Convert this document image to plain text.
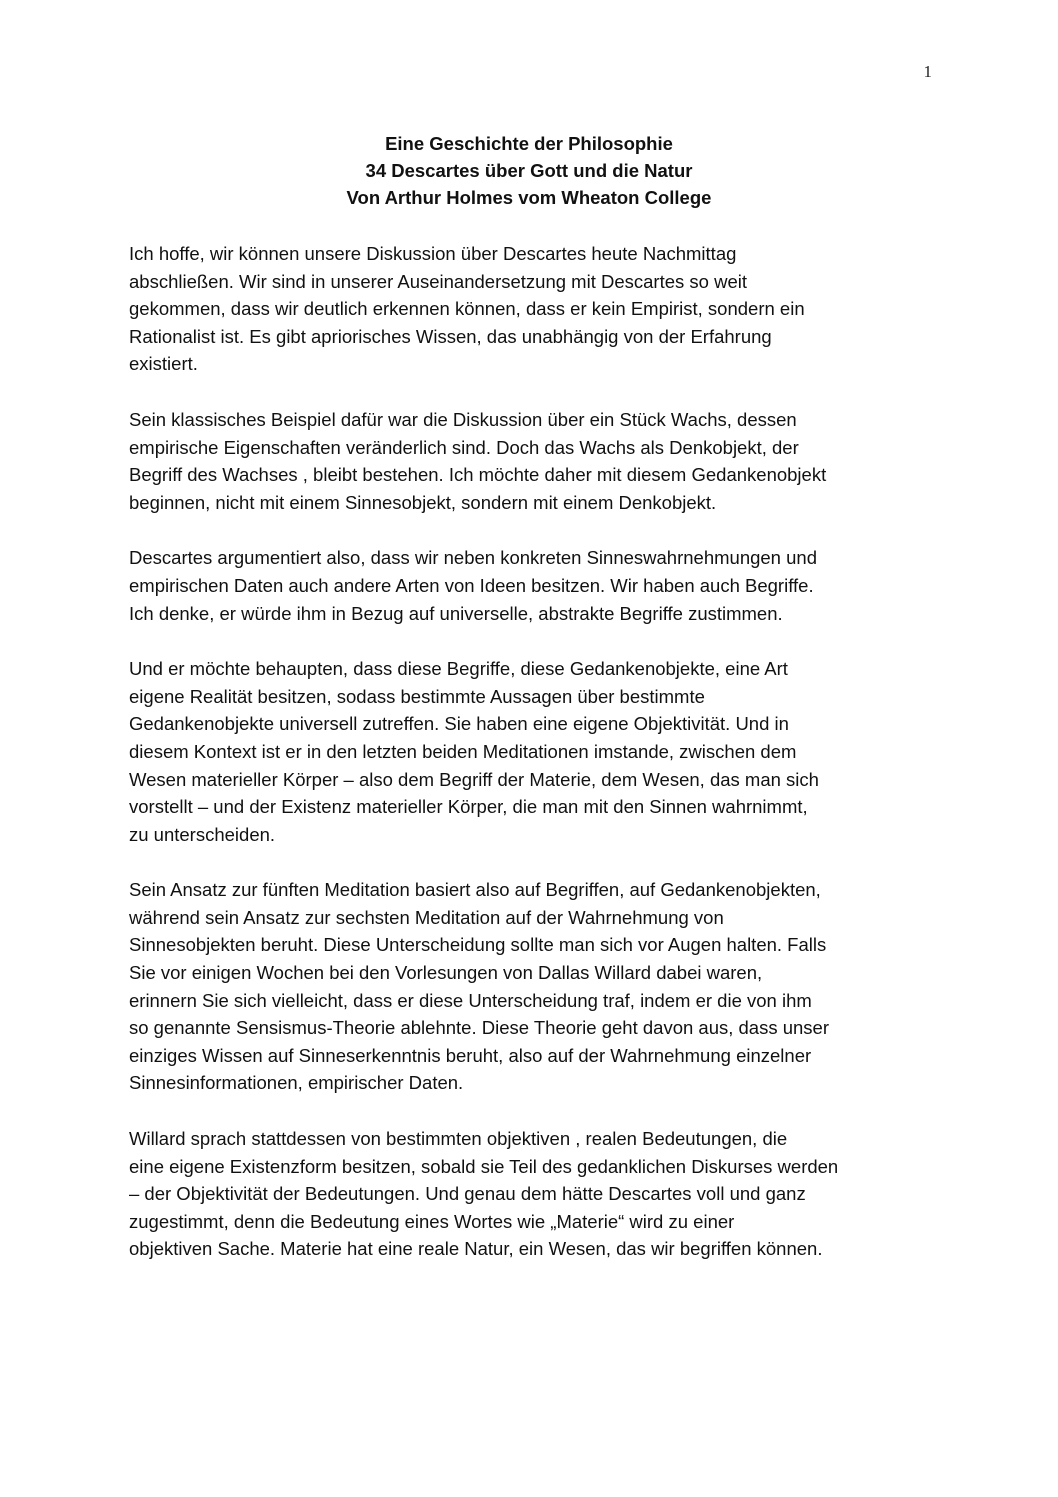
1
Eine Geschichte der Philosophie
34 Descartes über Gott und die Natur
Von Arthur Holmes vom Wheaton College

Ich hoffe, wir können unsere Diskussion über Descartes heute Nachmittag
abschließen. Wir sind in unserer Auseinandersetzung mit Descartes so weit
gekommen, dass wir deutlich erkennen können, dass er kein Empirist, sondern ein
Rationalist ist. Es gibt apriorisches Wissen, das unabhängig von der Erfahrung
existiert.

Sein klassisches Beispiel dafür war die Diskussion über ein Stück Wachs, dessen
empirische Eigenschaften veränderlich sind. Doch das Wachs als Denkobjekt, der
Begriff des Wachses , bleibt bestehen. Ich möchte daher mit diesem Gedankenobjekt
beginnen, nicht mit einem Sinnesobjekt, sondern mit einem Denkobjekt.

Descartes argumentiert also, dass wir neben konkreten Sinneswahrnehmungen und
empirischen Daten auch andere Arten von Ideen besitzen. Wir haben auch Begriffe.
Ich denke, er würde ihm in Bezug auf universelle, abstrakte Begriffe zustimmen.

Und er möchte behaupten, dass diese Begriffe, diese Gedankenobjekte, eine Art
eigene Realität besitzen, sodass bestimmte Aussagen über bestimmte
Gedankenobjekte universell zutreffen. Sie haben eine eigene Objektivität. Und in
diesem Kontext ist er in den letzten beiden Meditationen imstande, zwischen dem
Wesen materieller Körper – also dem Begriff der Materie, dem Wesen, das man sich
vorstellt – und der Existenz materieller Körper, die man mit den Sinnen wahrnimmt,
zu unterscheiden.

Sein Ansatz zur fünften Meditation basiert also auf Begriffen, auf Gedankenobjekten,
während sein Ansatz zur sechsten Meditation auf der Wahrnehmung von
Sinnesobjekten beruht. Diese Unterscheidung sollte man sich vor Augen halten. Falls
Sie vor einigen Wochen bei den Vorlesungen von Dallas Willard dabei waren,
erinnern Sie sich vielleicht, dass er diese Unterscheidung traf, indem er die von ihm
so genannte Sensismus-Theorie ablehnte. Diese Theorie geht davon aus, dass unser
einziges Wissen auf Sinneserkenntnis beruht, also auf der Wahrnehmung einzelner
Sinnesinformationen, empirischer Daten.

Willard sprach stattdessen von bestimmten objektiven , realen Bedeutungen, die
eine eigene Existenzform besitzen, sobald sie Teil des gedanklichen Diskurses werden
– der Objektivität der Bedeutungen. Und genau dem hätte Descartes voll und ganz
zugestimmt, denn die Bedeutung eines Wortes wie „Materie“ wird zu einer
objektiven Sache. Materie hat eine reale Natur, ein Wesen, das wir begriffen können.
